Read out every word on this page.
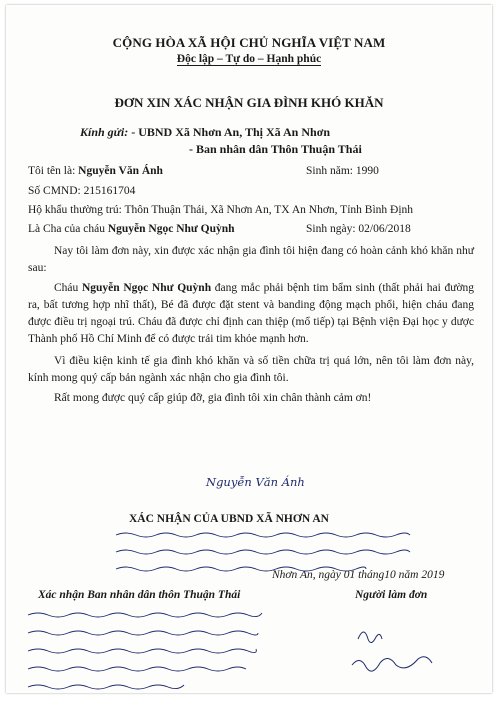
CỘNG HÒA XÃ HỘI CHỦ NGHĨA VIỆT NAM
Độc lập – Tự do – Hạnh phúc
ĐƠN XIN XÁC NHẬN GIA ĐÌNH KHÓ KHĂN
Kính gửi: - UBND Xã Nhơn An, Thị Xã An Nhơn
- Ban nhân dân Thôn Thuận Thái
Tôi tên là: Nguyễn Văn Ánh	Sinh năm: 1990
Số CMND: 215161704
Hộ khẩu thường trú: Thôn Thuận Thái, Xã Nhơn An, TX An Nhơn, Tỉnh Bình Định
Là Cha của cháu Nguyễn Ngọc Như Quỳnh	Sinh ngày: 02/06/2018
Nay tôi làm đơn này, xin được xác nhận gia đình tôi hiện đang có hoàn cảnh khó khăn như sau:
Cháu Nguyễn Ngọc Như Quỳnh đang mắc phải bệnh tim bẩm sinh (thất phải hai đường ra, bất tương hợp nhĩ thất), Bé đã được đặt stent và banding động mạch phổi, hiện cháu đang được điều trị ngoại trú. Cháu đã được chỉ định can thiệp (mổ tiếp) tại Bệnh viện Đại học y dược Thành phố Hồ Chí Minh để có được trái tim khỏe mạnh hơn.
Vì điều kiện kinh tế gia đình khó khăn và số tiền chữa trị quá lớn, nên tôi làm đơn này, kính mong quý cấp bản ngành xác nhận cho gia đình tôi.
Rất mong được quý cấp giúp đỡ, gia đình tôi xin chân thành cảm ơn!
Nhơn An, ngày 01 tháng10 năm 2019
Xác nhận Ban nhân dân thôn Thuận Thái	Người làm đơn
Nguyễn Văn Ánh
XÁC NHẬN CỦA UBND XÃ NHƠN AN
